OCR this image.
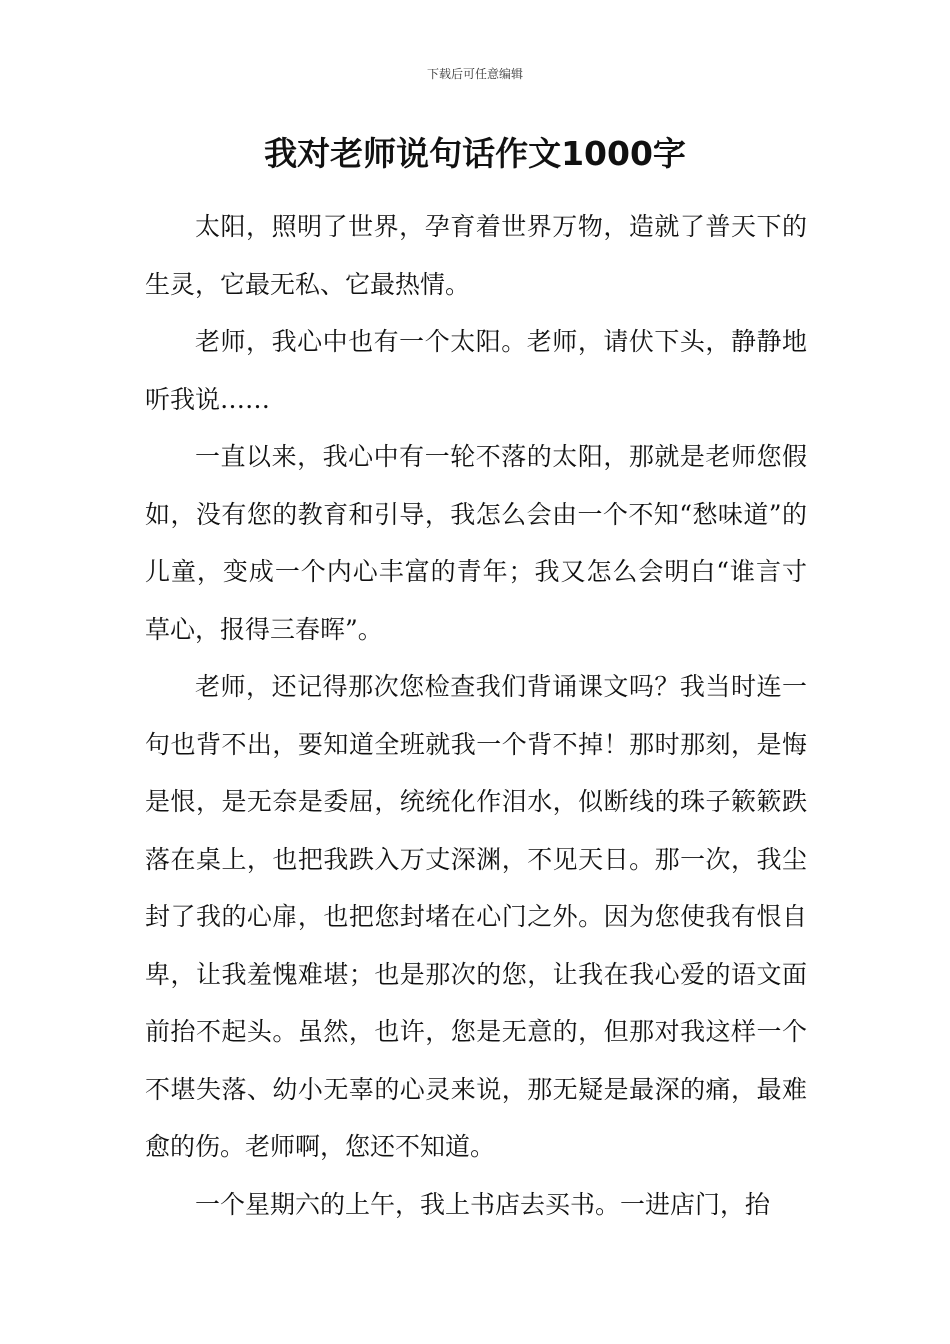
下载后可任意编辑
我对老师说句话作文1000字

太阳，照明了世界，孕育着世界万物，造就了普天下的生灵，它最无私、它最热情。

老师，我心中也有一个太阳。老师，请伏下头，静静地听我说……

一直以来，我心中有一轮不落的太阳，那就是老师您假如，没有您的教育和引导，我怎么会由一个不知“愁味道”的儿童，变成一个内心丰富的青年；我又怎么会明白“谁言寸草心，报得三春晖”。

老师，还记得那次您检查我们背诵课文吗？我当时连一句也背不出，要知道全班就我一个背不掉！那时那刻，是悔是恨，是无奈是委屈，统统化作泪水，似断线的珠子簌簌跌落在桌上，也把我跌入万丈深渊，不见天日。那一次，我尘封了我的心扉，也把您封堵在心门之外。因为您使我有恨自卑，让我羞愧难堪；也是那次的您，让我在我心爱的语文面前抬不起头。虽然，也许，您是无意的，但那对我这样一个不堪失落、幼小无辜的心灵来说，那无疑是最深的痛，最难愈的伤。老师啊，您还不知道。

一个星期六的上午，我上书店去买书。一进店门，抬
